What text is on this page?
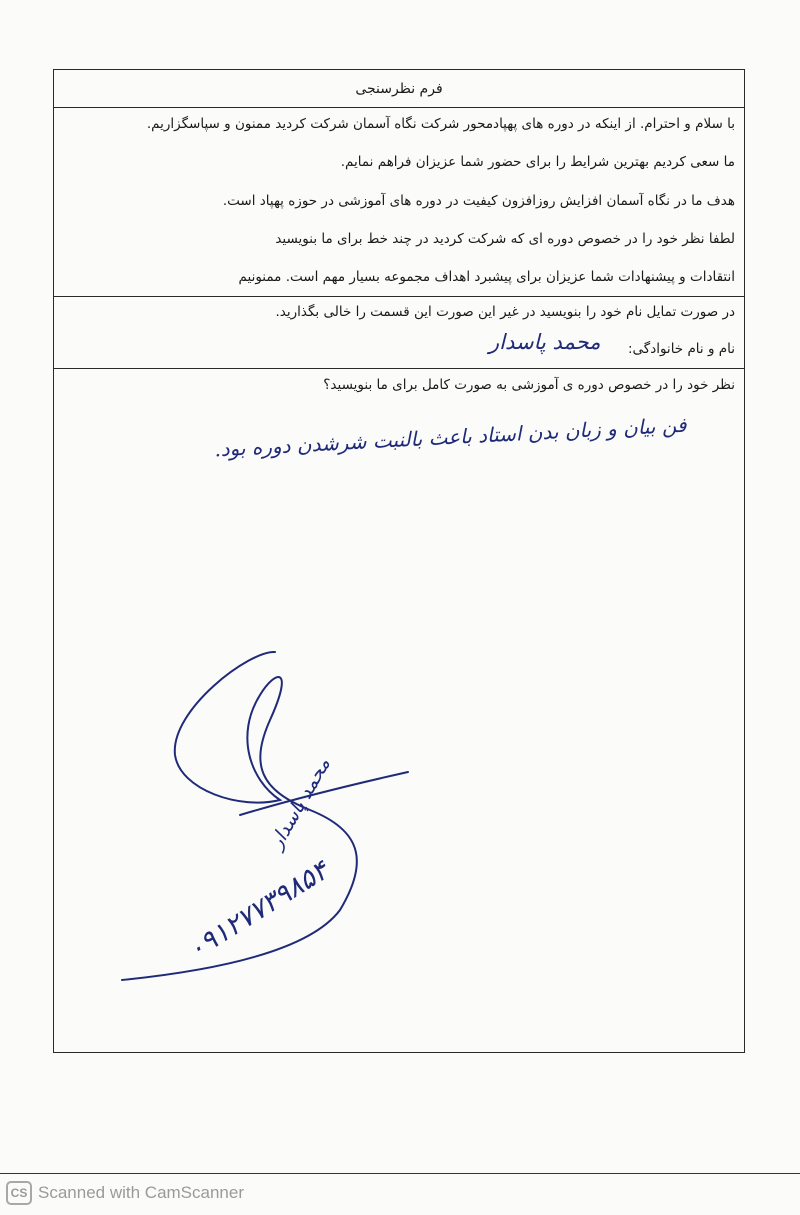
فرم نظرسنجی
با سلام و احترام. از اینکه در دوره های پهپادمحور شرکت نگاه آسمان شرکت کردید ممنون و سپاسگزاریم.
ما سعی کردیم بهترین شرایط را برای حضور شما عزیزان فراهم نمایم.
هدف ما در نگاه آسمان افزایش روزافزون کیفیت در دوره های آموزشی در حوزه پهپاد است.
لطفا نظر خود را در خصوص دوره ای که شرکت کردید در چند خط برای ما بنویسید
انتقادات و پیشنهادات شما عزیزان برای پیشبرد اهداف مجموعه بسیار مهم است. ممنونیم
در صورت تمایل نام خود را بنویسید در غیر این صورت این قسمت را خالی بگذارید.
نام و نام خانوادگی:
محمد پاسدار
نظر خود را در خصوص دوره ی آموزشی به صورت کامل برای ما بنویسید؟
فن بیان و زبان بدن استاد باعث بالنبت شرشدن دوره بود.
محمد پاسدار
۰۹۱۲۷۷۳۹۸۵۴
CS Scanned with CamScanner
